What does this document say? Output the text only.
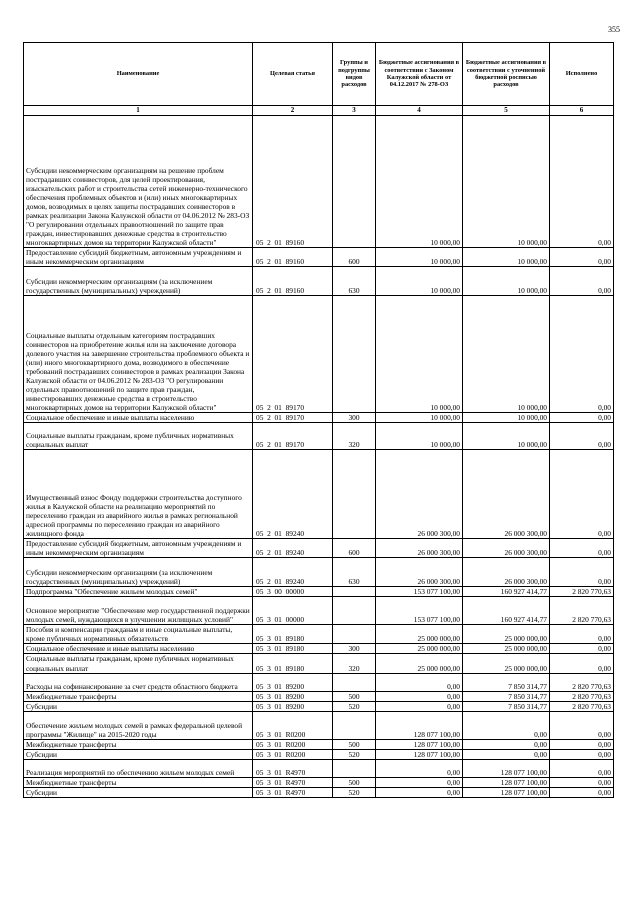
355
Наименование	Целевая статья	Группы и подгруппы видов расходов	Бюджетные ассигнования в соответствии с Законом Калужской области от 04.12.2017 № 278-ОЗ	Бюджетные ассигнования в соответствии с уточненной бюджетной росписью расходов	Исполнено
1	2	3	4	5	6
Субсидии некоммерческим организациям на решение проблем пострадавших соинвесторов, для целей проектирования, изыскательских работ и строительства сетей инженерно-технического обеспечения проблемных объектов и (или) иных многоквартирных домов, возводимых в целях защиты пострадавших соинвесторов в рамках реализации Закона Калужской области от 04.06.2012 № 283-ОЗ "О регулировании отдельных правоотношений по защите прав граждан, инвестировавших денежные средства в строительство многоквартирных домов на территории Калужской области"	05  2  01  89160		10 000,00	10 000,00	0,00
Предоставление субсидий бюджетным, автономным учреждениям и иным некоммерческим организациям	05  2  01  89160	600	10 000,00	10 000,00	0,00
Субсидии некоммерческим организациям (за исключением государственных (муниципальных) учреждений)	05  2  01  89160	630	10 000,00	10 000,00	0,00
Социальные выплаты отдельным категориям пострадавших соинвесторов на приобретение жилья или на заключение договора долевого участия на завершение строительства проблемного объекта и (или) иного многоквартирного дома, возводимого в обеспечение требований пострадавших соинвесторов в рамках реализации Закона Калужской области от 04.06.2012 № 283-ОЗ "О регулировании отдельных правоотношений по защите прав граждан, инвестировавших денежные средства в строительство многоквартирных домов на территории Калужской области"	05  2  01  89170		10 000,00	10 000,00	0,00
Социальное обеспечение и иные выплаты населению	05  2  01  89170	300	10 000,00	10 000,00	0,00
Социальные выплаты гражданам, кроме публичных нормативных социальных выплат	05  2  01  89170	320	10 000,00	10 000,00	0,00
Имущественный взнос Фонду поддержки строительства доступного жилья в Калужской области на реализацию мероприятий по переселению граждан из аварийного жилья в рамках региональной адресной программы по переселению граждан из аварийного жилищного фонда	05  2  01  89240		26 000 300,00	26 000 300,00	0,00
Предоставление субсидий бюджетным, автономным учреждениям и иным некоммерческим организациям	05  2  01  89240	600	26 000 300,00	26 000 300,00	0,00
Субсидии некоммерческим организациям (за исключением государственных (муниципальных) учреждений)	05  2  01  89240	630	26 000 300,00	26 000 300,00	0,00
Подпрограмма "Обеспечение жильем молодых семей"	05  3  00  00000		153 077 100,00	160 927 414,77	2 820 770,63
Основное мероприятие "Обеспечение мер государственной поддержки молодых семей, нуждающихся в улучшении жилищных условий"	05  3  01  00000		153 077 100,00	160 927 414,77	2 820 770,63
Пособия и компенсации гражданам и иные социальные выплаты, кроме публичных нормативных обязательств	05  3  01  89180		25 000 000,00	25 000 000,00	0,00
Социальное обеспечение и иные выплаты населению	05  3  01  89180	300	25 000 000,00	25 000 000,00	0,00
Социальные выплаты гражданам, кроме публичных нормативных социальных выплат	05  3  01  89180	320	25 000 000,00	25 000 000,00	0,00
Расходы на софинансирование за счет средств областного бюджета	05  3  01  89200		0,00	7 850 314,77	2 820 770,63
Межбюджетные трансферты	05  3  01  89200	500	0,00	7 850 314,77	2 820 770,63
Субсидии	05  3  01  89200	520	0,00	7 850 314,77	2 820 770,63
Обеспечение жильем молодых семей в рамках федеральной целевой программы "Жилище" на 2015-2020 годы	05  3  01  R0200		128 077 100,00	0,00	0,00
Межбюджетные трансферты	05  3  01  R0200	500	128 077 100,00	0,00	0,00
Субсидии	05  3  01  R0200	520	128 077 100,00	0,00	0,00
Реализация мероприятий по обеспечению жильем молодых семей	05  3  01  R4970		0,00	128 077 100,00	0,00
Межбюджетные трансферты	05  3  01  R4970	500	0,00	128 077 100,00	0,00
Субсидии	05  3  01  R4970	520	0,00	128 077 100,00	0,00
